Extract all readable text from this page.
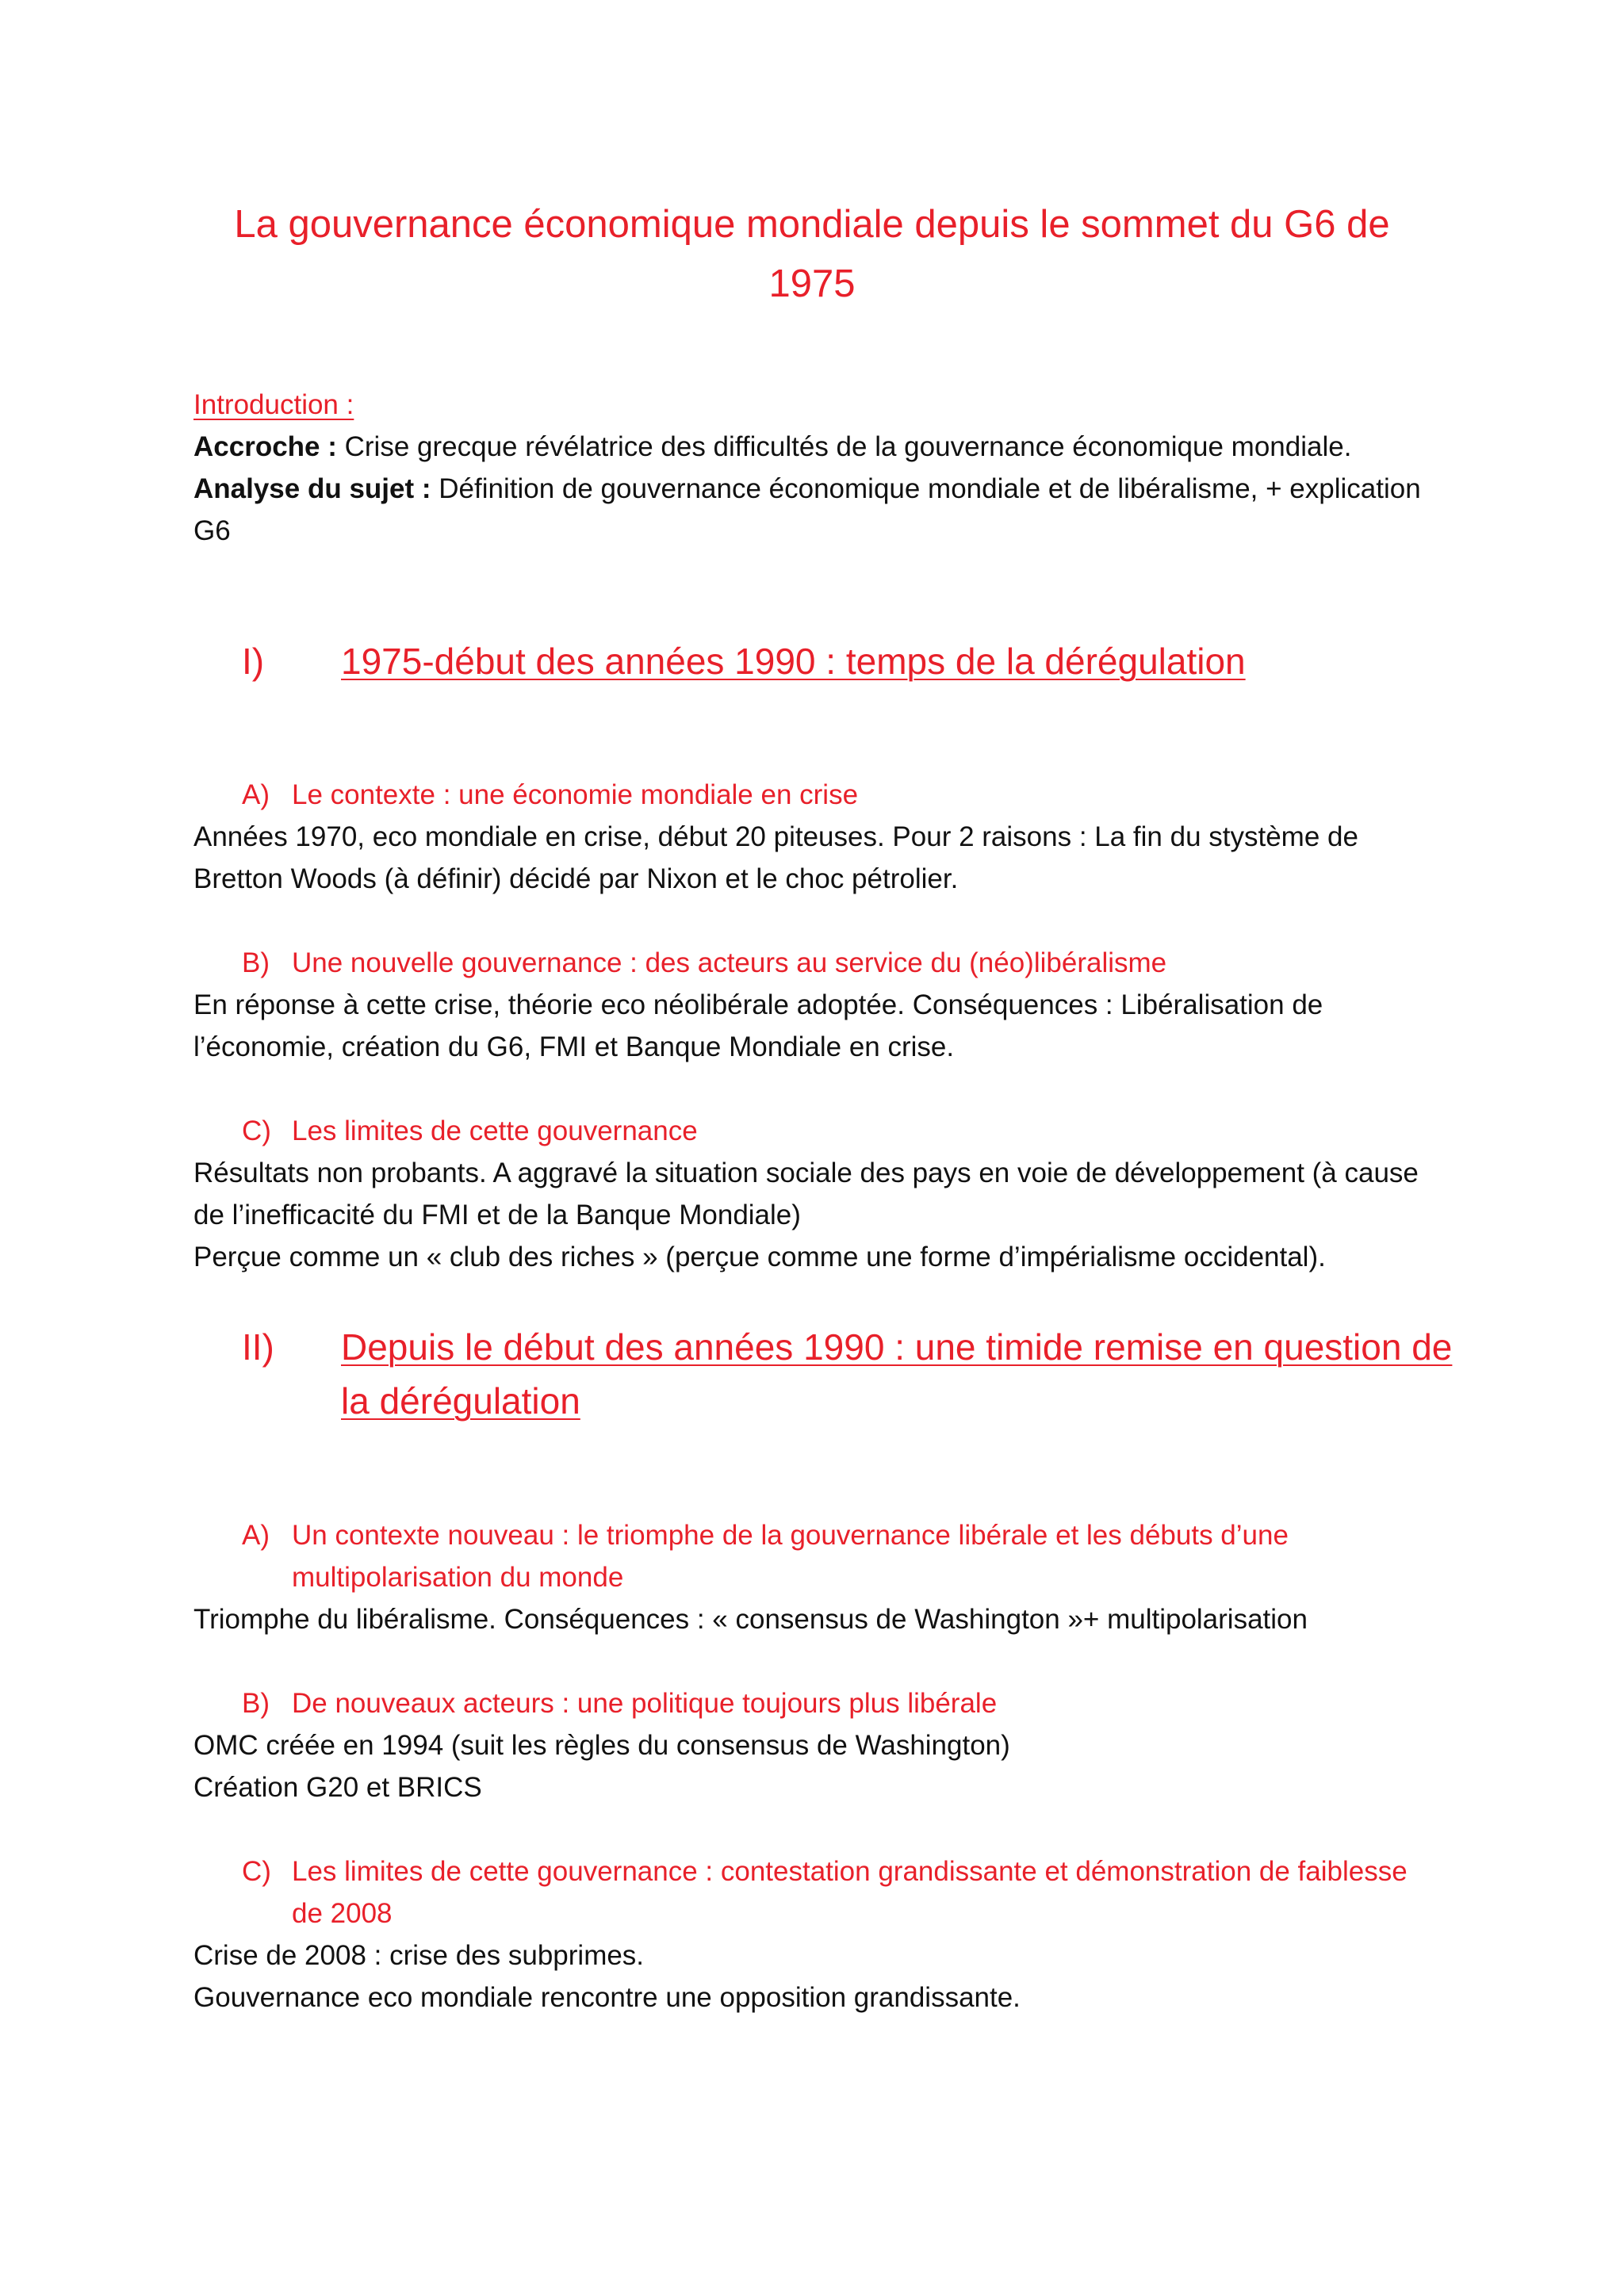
La gouvernance économique mondiale depuis le sommet du G6 de

1975

Introduction :

Accroche : Crise grecque révélatrice des difficultés de la gouvernance économique mondiale.

Analyse du sujet : Définition de gouvernance économique mondiale et de libéralisme, + explication

G6

I) 1975-début des années 1990 : temps de la dérégulation

A) Le contexte : une économie mondiale en crise

Années 1970, eco mondiale en crise, début 20 piteuses. Pour 2 raisons : La fin du stystème de

Bretton Woods (à définir) décidé par Nixon et le choc pétrolier.

B) Une nouvelle gouvernance : des acteurs au service du (néo)libéralisme

En réponse à cette crise, théorie eco néolibérale adoptée. Conséquences : Libéralisation de

l’économie, création du G6, FMI et Banque Mondiale en crise.

C) Les limites de cette gouvernance

Résultats non probants. A aggravé la situation sociale des pays en voie de développement (à cause

de l’inefficacité du FMI et de la Banque Mondiale)

Perçue comme un « club des riches » (perçue comme une forme d’impérialisme occidental).

II) Depuis le début des années 1990 : une timide remise en question de

la dérégulation

A) Un contexte nouveau : le triomphe de la gouvernance libérale et les débuts d’une

multipolarisation du monde

Triomphe du libéralisme. Conséquences : « consensus de Washington »+ multipolarisation

B) De nouveaux acteurs : une politique toujours plus libérale

OMC créée en 1994 (suit les règles du consensus de Washington)

Création G20 et BRICS

C) Les limites de cette gouvernance : contestation grandissante et démonstration de faiblesse

de 2008

Crise de 2008 : crise des subprimes.

Gouvernance eco mondiale rencontre une opposition grandissante.
